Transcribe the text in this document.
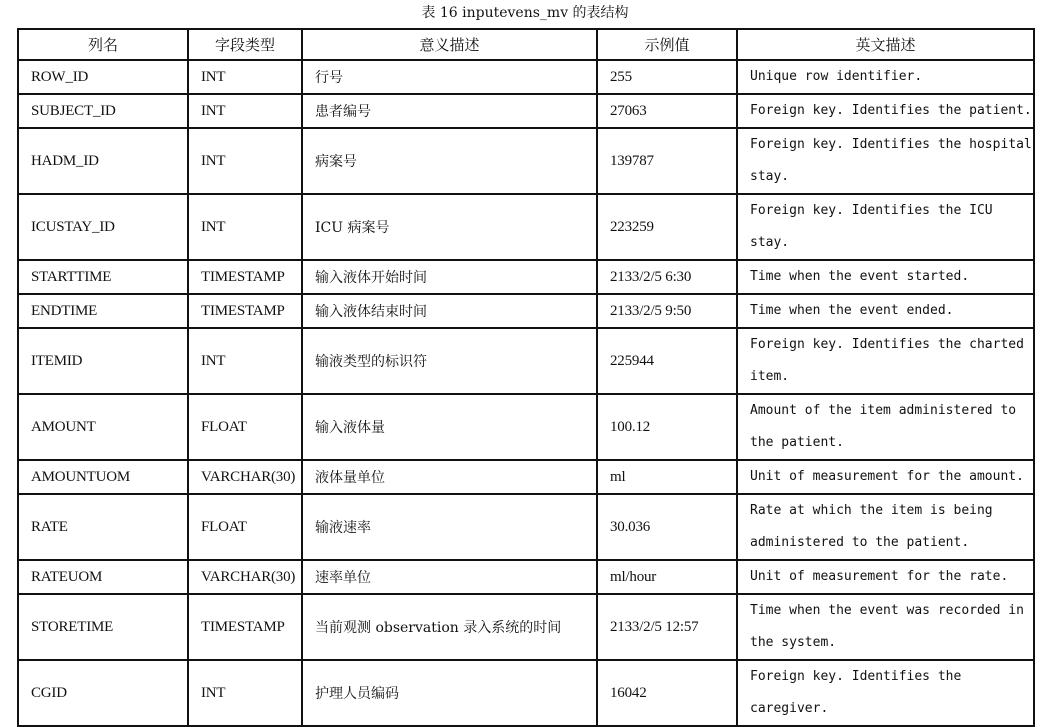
表 16 inputevens_mv 的表结构
列名	字段类型	意义描述	示例值	英文描述
ROW_ID	INT	行号	255	Unique row identifier.
SUBJECT_ID	INT	患者编号	27063	Foreign key. Identifies the patient.
HADM_ID	INT	病案号	139787	Foreign key. Identifies the hospital
stay.
ICUSTAY_ID	INT	ICU 病案号	223259	Foreign key. Identifies the ICU
stay.
STARTTIME	TIMESTAMP	输入液体开始时间	2133/2/5 6:30	Time when the event started.
ENDTIME	TIMESTAMP	输入液体结束时间	2133/2/5 9:50	Time when the event ended.
ITEMID	INT	输液类型的标识符	225944	Foreign key. Identifies the charted
item.
AMOUNT	FLOAT	输入液体量	100.12	Amount of the item administered to
the patient.
AMOUNTUOM	VARCHAR(30)	液体量单位	ml	Unit of measurement for the amount.
RATE	FLOAT	输液速率	30.036	Rate at which the item is being
administered to the patient.
RATEUOM	VARCHAR(30)	速率单位	ml/hour	Unit of measurement for the rate.
STORETIME	TIMESTAMP	当前观测 observation 录入系统的时间	2133/2/5 12:57	Time when the event was recorded in
the system.
CGID	INT	护理人员编码	16042	Foreign key. Identifies the
caregiver.
